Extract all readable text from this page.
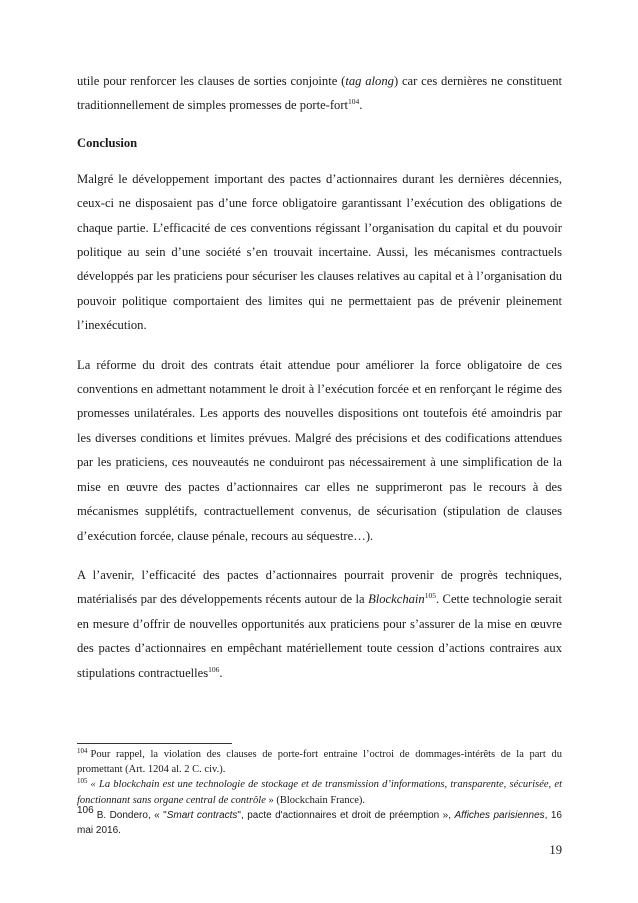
utile pour renforcer les clauses de sorties conjointe (tag along) car ces dernières ne constituent traditionnellement de simples promesses de porte-fort$^{104}$.

Conclusion

Malgré le développement important des pactes d’actionnaires durant les dernières décennies, ceux-ci ne disposaient pas d’une force obligatoire garantissant l’exécution des obligations de chaque partie. L’efficacité de ces conventions régissant l’organisation du capital et du pouvoir politique au sein d’une société s’en trouvait incertaine. Aussi, les mécanismes contractuels développés par les praticiens pour sécuriser les clauses relatives au capital et à l’organisation du pouvoir politique comportaient des limites qui ne permettaient pas de prévenir pleinement l’inexécution.

La réforme du droit des contrats était attendue pour améliorer la force obligatoire de ces conventions en admettant notamment le droit à l’exécution forcée et en renforçant le régime des promesses unilatérales. Les apports des nouvelles dispositions ont toutefois été amoindris par les diverses conditions et limites prévues. Malgré des précisions et des codifications attendues par les praticiens, ces nouveautés ne conduiront pas nécessairement à une simplification de la mise en œuvre des pactes d’actionnaires car elles ne supprimeront pas le recours à des mécanismes supplétifs, contractuellement convenus, de sécurisation (stipulation de clauses d’exécution forcée, clause pénale, recours au séquestre…).

A l’avenir, l’efficacité des pactes d’actionnaires pourrait provenir de progrès techniques, matérialisés par des développements récents autour de la Blockchain$^{105}$. Cette technologie serait en mesure d’offrir de nouvelles opportunités aux praticiens pour s’assurer de la mise en œuvre des pactes d’actionnaires en empêchant matériellement toute cession d’actions contraires aux stipulations contractuelles$^{106}$.

$^{104}$ Pour rappel, la violation des clauses de porte-fort entraine l’octroi de dommages-intérêts de la part du promettant (Art. 1204 al. 2 C. civ.).

$^{105}$ « La blockchain est une technologie de stockage et de transmission d’informations, transparente, sécurisée, et fonctionnant sans organe central de contrôle » (Blockchain France).

$^{106}$ B. Dondero, « "Smart contracts", pacte d'actionnaires et droit de préemption », Affiches parisiennes, 16 mai 2016.

19
